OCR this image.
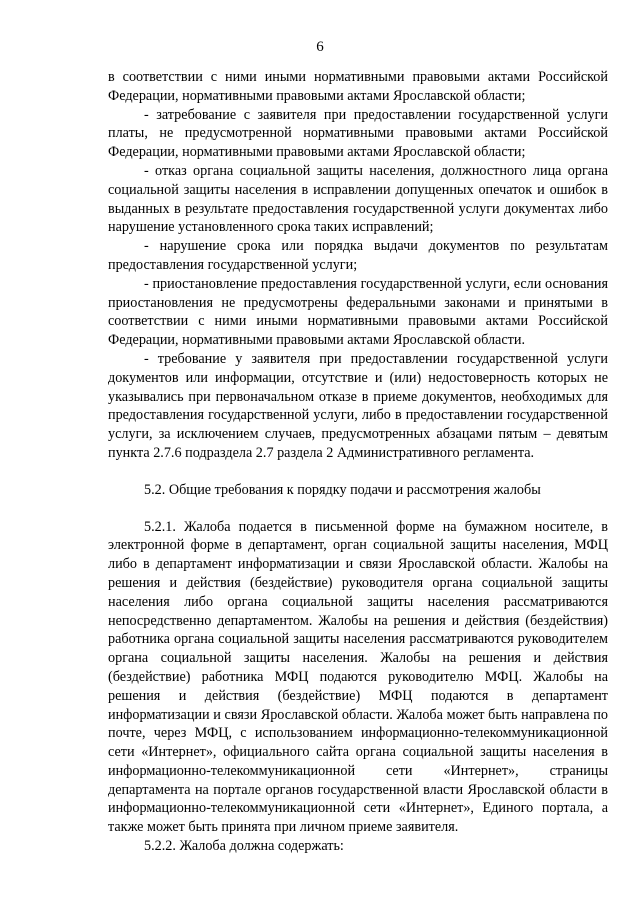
6

в соответствии с ними иными нормативными правовыми актами Российской Федерации, нормативными правовыми актами Ярославской области;

- затребование с заявителя при предоставлении государственной услуги платы, не предусмотренной нормативными правовыми актами Российской Федерации, нормативными правовыми актами Ярославской области;

- отказ органа социальной защиты населения, должностного лица органа социальной защиты населения в исправлении допущенных опечаток и ошибок в выданных в результате предоставления государственной услуги документах либо нарушение установленного срока таких исправлений;

- нарушение срока или порядка выдачи документов по результатам предоставления государственной услуги;

- приостановление предоставления государственной услуги, если основания приостановления не предусмотрены федеральными законами и принятыми в соответствии с ними иными нормативными правовыми актами Российской Федерации, нормативными правовыми актами Ярославской области.

- требование у заявителя при предоставлении государственной услуги документов или информации, отсутствие и (или) недостоверность которых не указывались при первоначальном отказе в приеме документов, необходимых для предоставления государственной услуги, либо в предоставлении государственной услуги, за исключением случаев, предусмотренных абзацами пятым – девятым пункта 2.7.6 подраздела 2.7 раздела 2 Административного регламента.

5.2. Общие требования к порядку подачи и рассмотрения жалобы

5.2.1. Жалоба подается в письменной форме на бумажном носителе, в электронной форме в департамент, орган социальной защиты населения, МФЦ либо в департамент информатизации и связи Ярославской области. Жалобы на решения и действия (бездействие) руководителя органа социальной защиты населения либо органа социальной защиты населения рассматриваются непосредственно департаментом. Жалобы на решения и действия (бездействия) работника органа социальной защиты населения рассматриваются руководителем органа социальной защиты населения. Жалобы на решения и действия (бездействие) работника МФЦ подаются руководителю МФЦ. Жалобы на решения и действия (бездействие) МФЦ подаются в департамент информатизации и связи Ярославской области. Жалоба может быть направлена по почте, через МФЦ, с использованием информационно-телекоммуникационной сети «Интернет», официального сайта органа социальной защиты населения в информационно-телекоммуникационной сети «Интернет», страницы департамента на портале органов государственной власти Ярославской области в информационно-телекоммуникационной сети «Интернет», Единого портала, а также может быть принята при личном приеме заявителя.

5.2.2. Жалоба должна содержать:
